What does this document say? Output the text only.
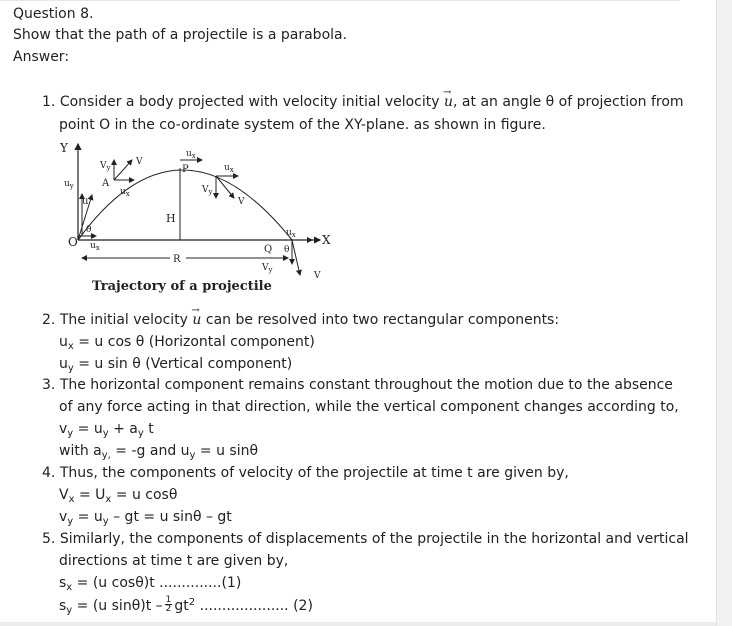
Question 8.
Show that the path of a projectile is a parabola.
Answer:
1. Consider a body projected with velocity initial velocity → u, at an angle θ of projection from
point O in the co-ordinate system of the XY-plane. as shown in figure.
Y
X
O
u
θ
$u_y$
$u_x$
A
$V_y$
V
$u_x$
P
$u_x$
H
$u_x$
$V_y$
V
$u_x$
Q θ
$V_y$
V
R
Trajectory of a projectile
2. The initial velocity → u can be resolved into two rectangular components:
$u_x = u$ cos θ (Horizontal component)
$u_y = u$ sin θ (Vertical component)
3. The horizontal component remains constant throughout the motion due to the absence
of any force acting in that direction, while the vertical component changes according to,
$v_y = u_y + a_y$ t
with $a_{y,} = -g$ and $u_y = u$ sinθ
4. Thus, the components of velocity of the projectile at time t are given by,
$V_x = U_x = u$ cosθ
$v_y = u_y$ – gt = u sinθ – gt
5. Similarly, the components of displacements of the projectile in the horizontal and vertical
directions at time t are given by,
$s_x = (u$ cosθ)t ..............(1)
$s_y = (u$ $\sin\theta)t - \frac{1}{2} gt^2$ .................... (2)
